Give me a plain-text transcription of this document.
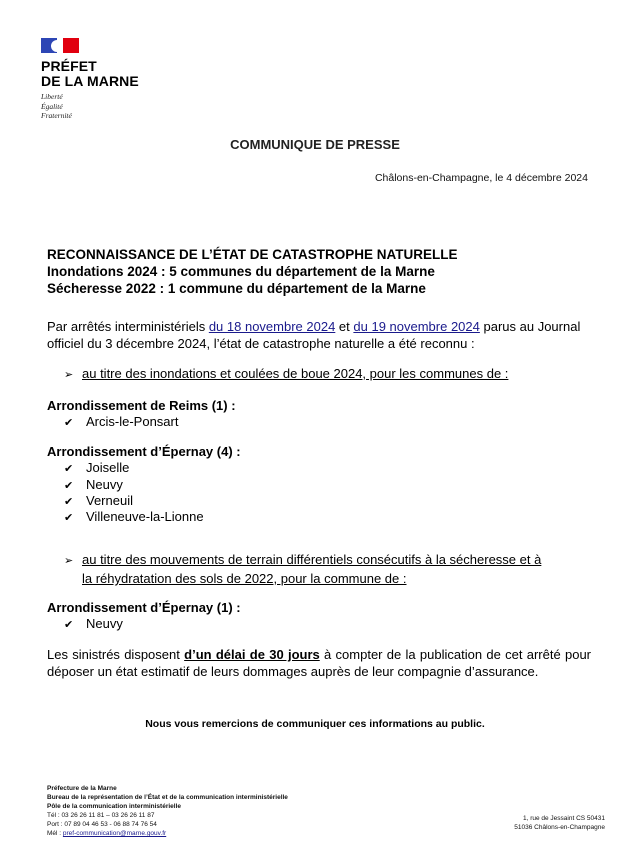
PRÉFET
DE LA MARNE
Liberté
Égalité
Fraternité
COMMUNIQUE DE PRESSE
Châlons-en-Champagne, le 4 décembre 2024
RECONNAISSANCE DE L’ÉTAT DE CATASTROPHE NATURELLE
Inondations 2024 : 5 communes du département de la Marne
Sécheresse 2022 : 1 commune du département de la Marne
Par arrêtés interministériels du 18 novembre 2024 et du 19 novembre 2024 parus au Journal officiel du 3 décembre 2024, l’état de catastrophe naturelle a été reconnu :
➢ au titre des inondations et coulées de boue 2024, pour les communes de :
Arrondissement de Reims (1) :
✔ Arcis-le-Ponsart
Arrondissement d’Épernay (4) :
✔ Joiselle
✔ Neuvy
✔ Verneuil
✔ Villeneuve-la-Lionne
➢ au titre des mouvements de terrain différentiels consécutifs à la sécheresse et à
la réhydratation des sols de 2022, pour la commune de :
Arrondissement d’Épernay (1) :
✔ Neuvy
Les sinistrés disposent d’un délai de 30 jours à compter de la publication de cet arrêté pour déposer un état estimatif de leurs dommages auprès de leur compagnie d’assurance.
Nous vous remercions de communiquer ces informations au public.
Préfecture de la Marne
Bureau de la représentation de l’État et de la communication interministérielle
Pôle de la communication interministérielle
Tél : 03 26 26 11 81 – 03 26 26 11 87
Port : 07 89 04 46 53 - 06 88 74 76 54
Mél : pref-communication@marne.gouv.fr
1, rue de Jessaint CS 50431
51036 Châlons-en-Champagne
